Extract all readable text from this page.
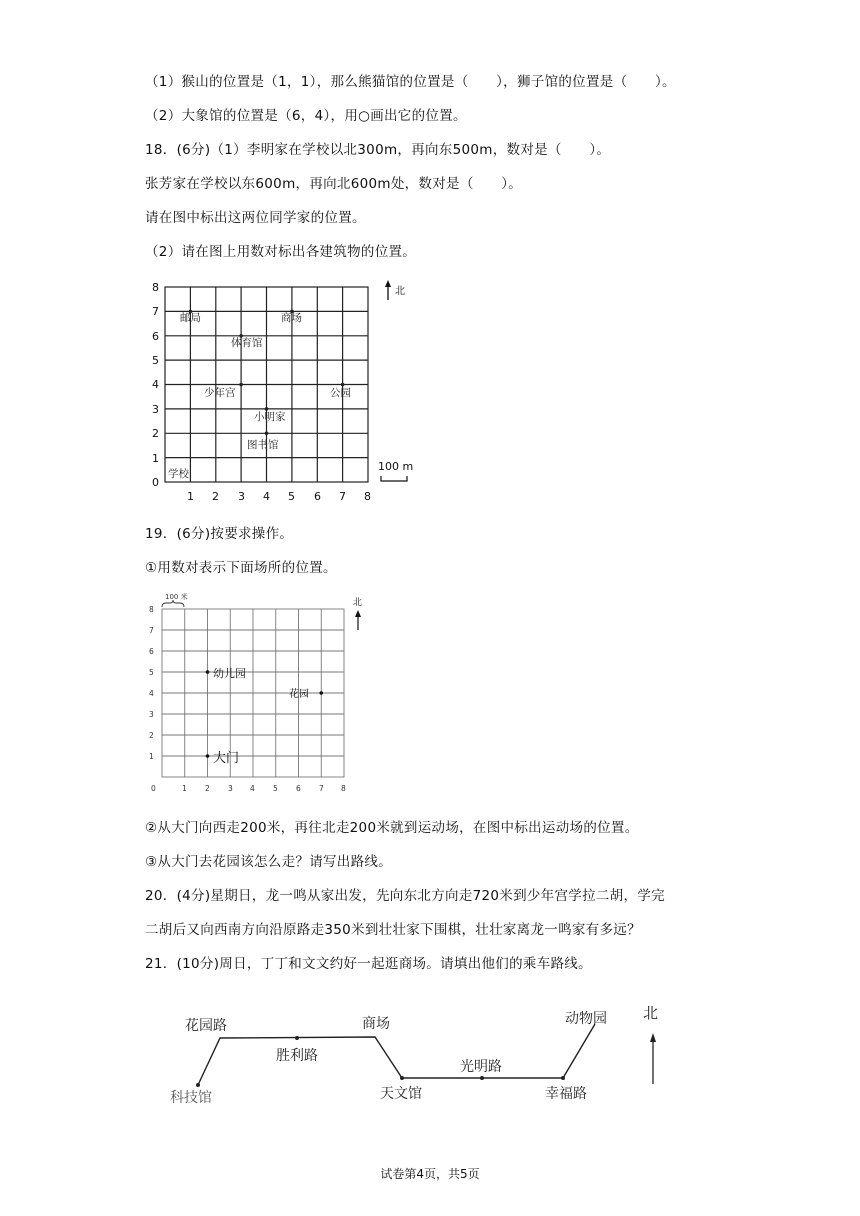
（1）猴山的位置是（1，1），那么熊猫馆的位置是（　　），狮子馆的位置是（　　）。
（2）大象馆的位置是（6，4），用○画出它的位置。
18．(6分)（1）李明家在学校以北300m，再向东500m，数对是（　　）。
张芳家在学校以东600m，再向北600m处，数对是（　　）。
请在图中标出这两位同学家的位置。
（2）请在图上用数对标出各建筑物的位置。
0
1
2
3
4
5
6
7
8
1 2 3 4 5 6 7 8
邮局	商场
体育馆
少年宫	公园
小明家
图书馆
学校
北
100 m
19．(6分)按要求操作。
①用数对表示下面场所的位置。
100 米
1
2
3
4
5
6
7
8
0	1 2 3 4 5 6 7 8
幼儿园
花园
大门
北
②从大门向西走200米，再往北走200米就到运动场，在图中标出运动场的位置。
③从大门去花园该怎么走？请写出路线。
20．(4分)星期日，龙一鸣从家出发，先向东北方向走720米到少年宫学拉二胡，学完
二胡后又向西南方向沿原路走350米到壮壮家下围棋，壮壮家离龙一鸣家有多远？
21．(10分)周日，丁丁和文文约好一起逛商场。请填出他们的乘车路线。
花园路
科技馆
胜利路
商场
天文馆
光明路
幸福路
动物园 北
试卷第4页，共5页
